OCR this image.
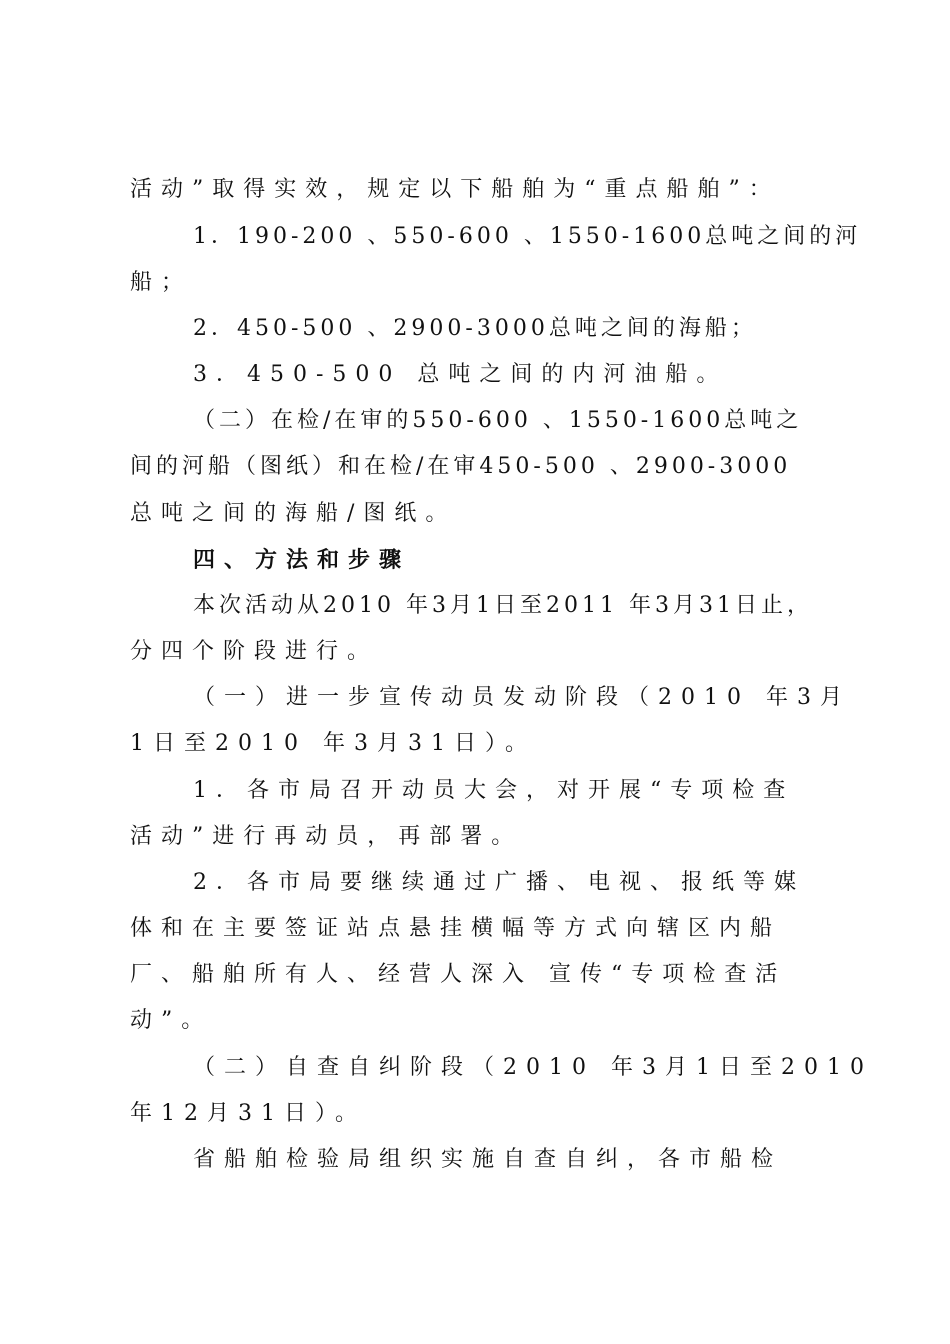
活动”取得实效，规定以下船舶为“重点船舶”：
1．190-200 、550-600 、1550-1600总吨之间的河
船；
2．450-500 、2900-3000总吨之间的海船；
3．450-500 总吨之间的内河油船。
（二）在检/在审的550-600 、1550-1600总吨之
间的河船（图纸）和在检/在审450-500 、2900-3000
总吨之间的海船/图纸。
四、方法和步骤
本次活动从2010 年3月1日至2011 年3月31日止，
分四个阶段进行。
（一）进一步宣传动员发动阶段（2010 年3月
1日至2010 年3月31日）。
1．各市局召开动员大会，对开展“专项检查
活动”进行再动员，再部署。
2．各市局要继续通过广播、电视、报纸等媒
体和在主要签证站点悬挂横幅等方式向辖区内船
厂、船舶所有人、经营人深入 宣传“专项检查活
动”。
（二）自查自纠阶段（2010 年3月1日至2010
年12月31日）。
省船舶检验局组织实施自查自纠，各市船检
